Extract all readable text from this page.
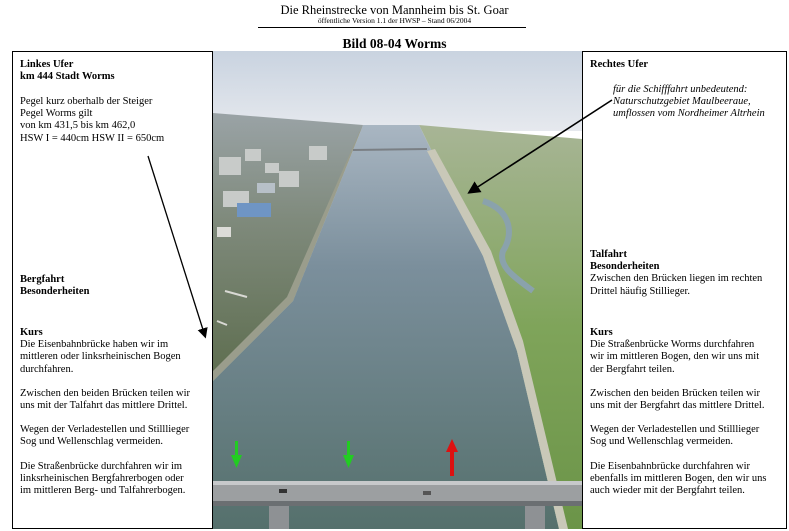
Die Rheinstrecke von Mannheim bis St. Goar
öffentliche Version 1.1 der HWSP – Stand 06/2004
Bild 08-04 Worms

Linkes Ufer

km 444 Stadt Worms

Pegel kurz oberhalb der Steiger

Pegel Worms gilt

von km 431,5 bis km 462,0

HSW I = 440cm HSW II = 650cm

Bergfahrt

Besonderheiten

Kurs

Die Eisenbahnbrücke haben wir im

mittleren oder linksrheinischen Bogen

durchfahren.

Zwischen den beiden Brücken teilen wir

uns mit der Talfahrt das mittlere Drittel.

Wegen der Verladestellen und Stilllieger

Sog und Wellenschlag vermeiden.

Die Straßenbrücke durchfahren wir im

linksrheinischen Bergfahrerbogen oder

im mittleren Berg- und Talfahrerbogen.

Rechtes Ufer

für die Schifffahrt unbedeutend:

Naturschutzgebiet Maulbeeraue,

umflossen vom Nordheimer Altrhein

Talfahrt

Besonderheiten

Zwischen den Brücken liegen im rechten

Drittel häufig Stillieger.

Kurs

Die Straßenbrücke Worms durchfahren

wir im mittleren Bogen, den wir uns mit

der Bergfahrt teilen.

Zwischen den beiden Brücken teilen wir

uns mit der Bergfahrt das mittlere Drittel.

Wegen der Verladestellen und Stilllieger

Sog und Wellenschlag vermeiden.

Die Eisenbahnbrücke durchfahren wir

ebenfalls im mittleren Bogen, den wir uns

auch wieder mit der Bergfahrt teilen.
